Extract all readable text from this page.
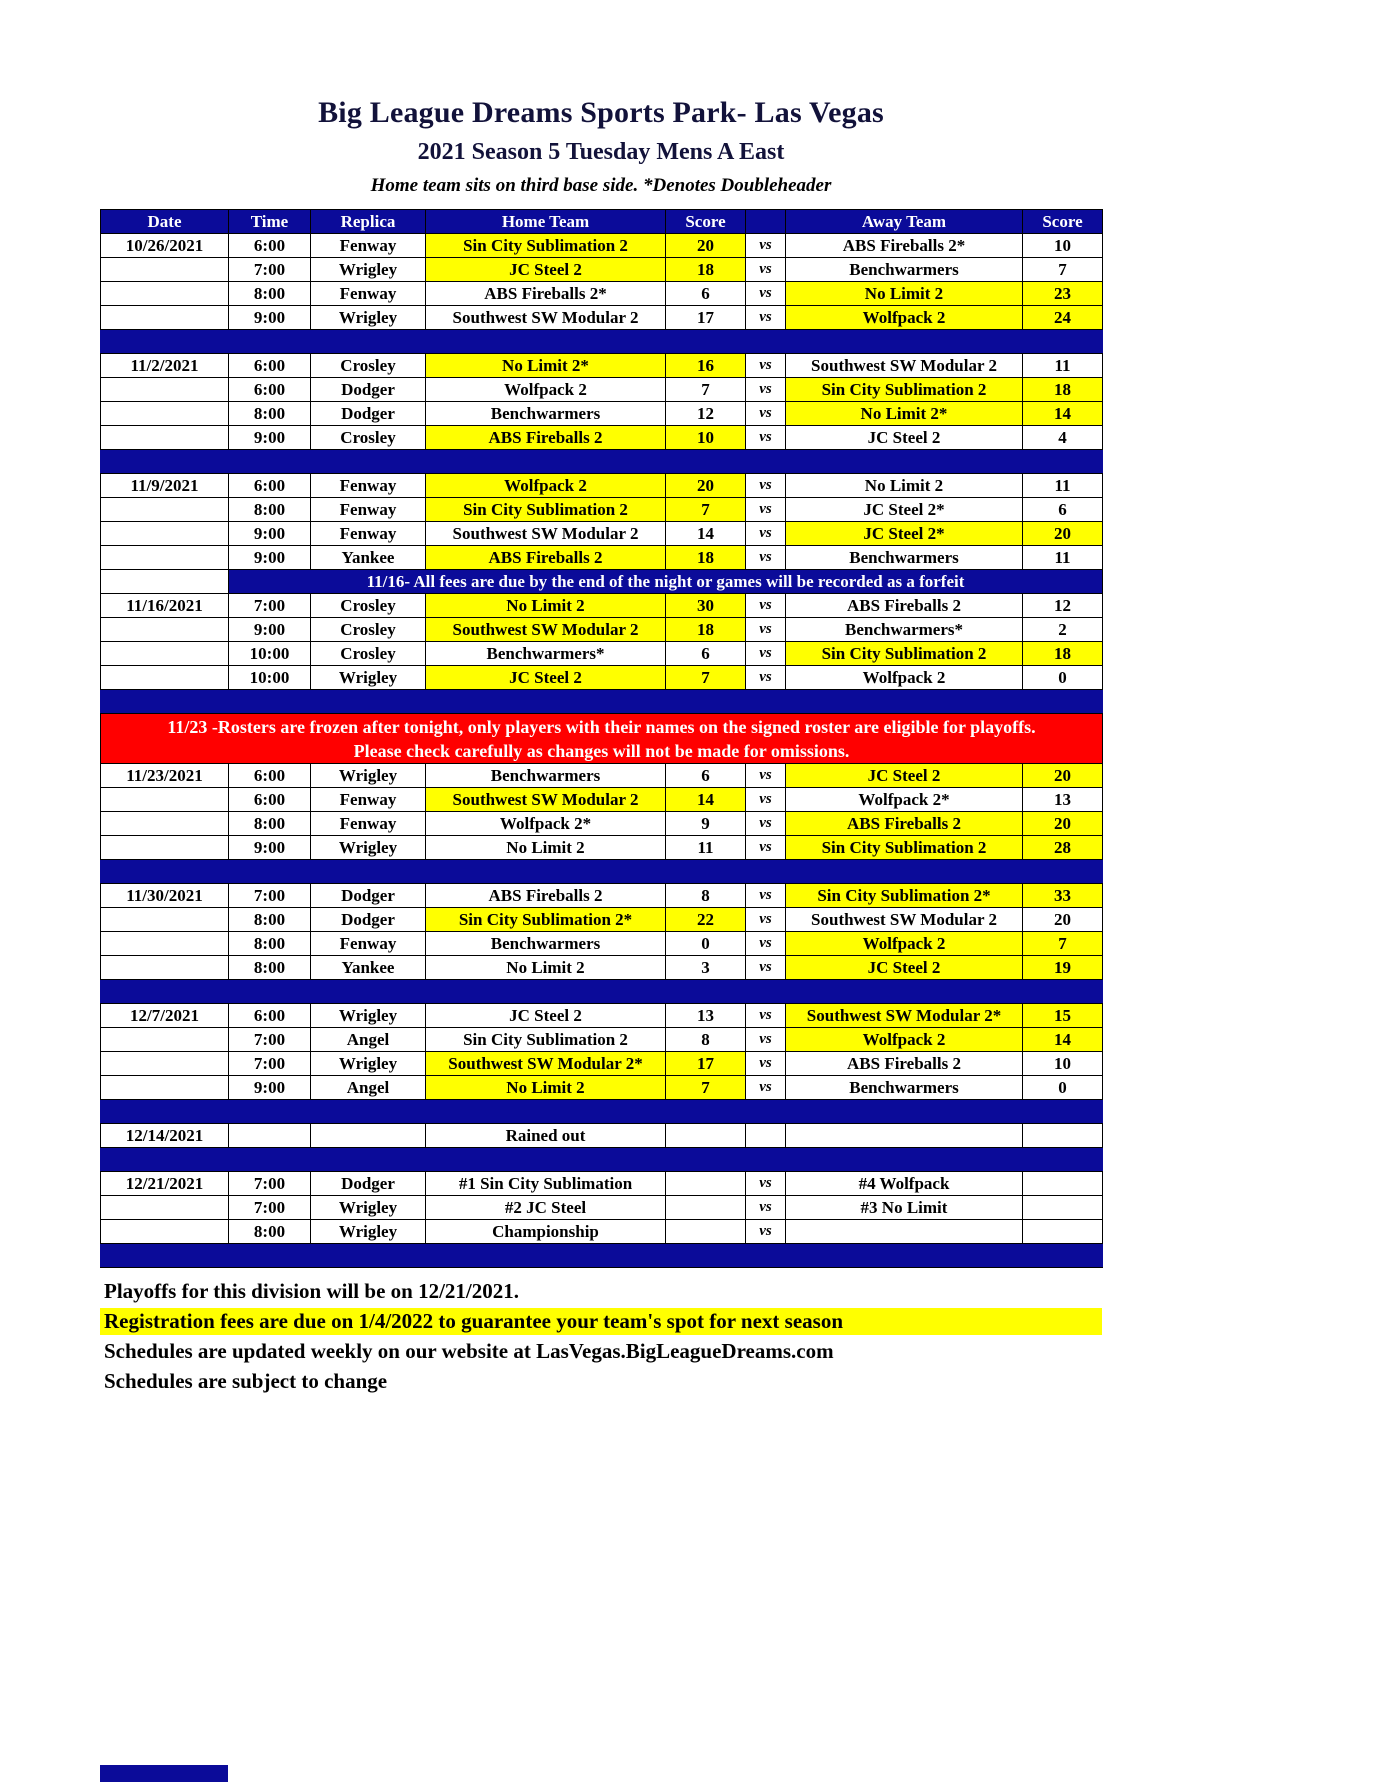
Big League Dreams Sports Park- Las Vegas
2021 Season 5 Tuesday Mens A East
Home team sits on third base side. *Denotes Doubleheader
Date	Time	Replica	Home Team	Score		Away Team	Score
10/26/2021	6:00	Fenway	Sin City Sublimation 2	20	vs	ABS Fireballs 2*	10
	7:00	Wrigley	JC Steel 2	18	vs	Benchwarmers	7
	8:00	Fenway	ABS Fireballs 2*	6	vs	No Limit 2	23
	9:00	Wrigley	Southwest SW Modular 2	17	vs	Wolfpack 2	24

11/2/2021	6:00	Crosley	No Limit 2*	16	vs	Southwest SW Modular 2	11
	6:00	Dodger	Wolfpack 2	7	vs	Sin City Sublimation 2	18
	8:00	Dodger	Benchwarmers	12	vs	No Limit 2*	14
	9:00	Crosley	ABS Fireballs 2	10	vs	JC Steel 2	4

11/9/2021	6:00	Fenway	Wolfpack 2	20	vs	No Limit 2	11
	8:00	Fenway	Sin City Sublimation 2	7	vs	JC Steel 2*	6
	9:00	Fenway	Southwest SW Modular 2	14	vs	JC Steel 2*	20
	9:00	Yankee	ABS Fireballs 2	18	vs	Benchwarmers	11
	11/16- All fees are due by the end of the night or games will be recorded as a forfeit						
11/16/2021	7:00	Crosley	No Limit 2	30	vs	ABS Fireballs 2	12
	9:00	Crosley	Southwest SW Modular 2	18	vs	Benchwarmers*	2
	10:00	Crosley	Benchwarmers*	6	vs	Sin City Sublimation 2	18
	10:00	Wrigley	JC Steel 2	7	vs	Wolfpack 2	0

11/23 -Rosters are frozen after tonight, only players with their names on the signed roster are eligible for playoffs.
Please check carefully as changes will not be made for omissions.							

11/23/2021	6:00	Wrigley	Benchwarmers	6	vs	JC Steel 2	20
	6:00	Fenway	Southwest SW Modular 2	14	vs	Wolfpack 2*	13
	8:00	Fenway	Wolfpack 2*	9	vs	ABS Fireballs 2	20
	9:00	Wrigley	No Limit 2	11	vs	Sin City Sublimation 2	28

11/30/2021	7:00	Dodger	ABS Fireballs 2	8	vs	Sin City Sublimation 2*	33
	8:00	Dodger	Sin City Sublimation 2*	22	vs	Southwest SW Modular 2	20
	8:00	Fenway	Benchwarmers	0	vs	Wolfpack 2	7
	8:00	Yankee	No Limit 2	3	vs	JC Steel 2	19

12/7/2021	6:00	Wrigley	JC Steel 2	13	vs	Southwest SW Modular 2*	15
	7:00	Angel	Sin City Sublimation 2	8	vs	Wolfpack 2	14
	7:00	Wrigley	Southwest SW Modular 2*	17	vs	ABS Fireballs 2	10
	9:00	Angel	No Limit 2	7	vs	Benchwarmers	0

12/14/2021			Rained out				

12/21/2021	7:00	Dodger	#1 Sin City Sublimation		vs	#4 Wolfpack	
	7:00	Wrigley	#2 JC Steel		vs	#3 No Limit	
	8:00	Wrigley	Championship		vs		

Playoffs for this division will be on 12/21/2021.
Registration fees are due on 1/4/2022 to guarantee your team's spot for next season
Schedules are updated weekly on our website at LasVegas.BigLeagueDreams.com
Schedules are subject to change
